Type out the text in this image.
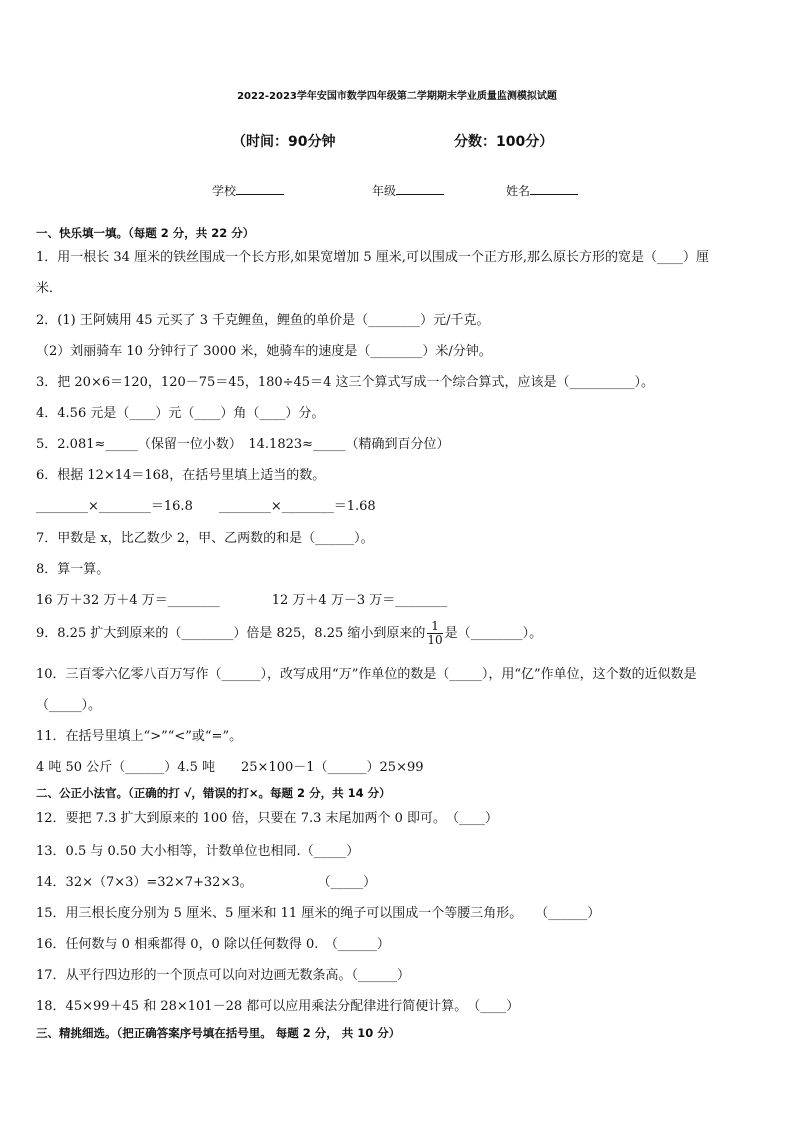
2022-2023学年安国市数学四年级第二学期期末学业质量监测模拟试题
（时间：90分钟	分数：100分）
学校	年级	姓名
一、快乐填一填。（每题 2 分，共 22 分）
1．用一根长 34 厘米的铁丝围成一个长方形,如果宽增加 5 厘米,可以围成一个正方形,那么原长方形的宽是（____）厘
米．
2．(1) 王阿姨用 45 元买了 3 千克鲤鱼，鲤鱼的单价是（________）元/千克。
（2）刘丽骑车 10 分钟行了 3000 米，她骑车的速度是（________）米/分钟。
3．把 20×6＝120，120－75＝45，180÷45＝4 这三个算式写成一个综合算式，应该是（__________）。
4．4.56 元是（____）元（____）角（____）分。
5．2.081≈_____（保留一位小数）　14.1823≈_____（精确到百分位）
6．根据 12×14＝168，在括号里填上适当的数。
________×________＝16.8　　________×________＝1.68
7．甲数是 x，比乙数少 2，甲、乙两数的和是（______）。
8．算一算。
16 万＋32 万＋4 万＝________　　　　12 万＋4 万－3 万＝________
9．8.25 扩大到原来的（________）倍是 825，8.25 缩小到原来的 $\frac{1}{10}$ 是（________）。
10．三百零六亿零八百万写作（______），改写成用“万”作单位的数是（_____），用“亿”作单位，这个数的近似数是
（_____）。
11．在括号里填上“>”“<”或“=”。
4 吨 50 公斤（______）4.5 吨　　25×100－1（______）25×99
二、公正小法官。（正确的打 √，错误的打×。每题 2 分，共 14 分）
12．要把 7.3 扩大到原来的 100 倍，只要在 7.3 末尾加两个 0 即可。　（____）
13．0.5 与 0.50 大小相等，计数单位也相同.（_____）
14．32×（7×3）=32×7+32×3。　　　　　　（_____）
15．用三根长度分别为 5 厘米、5 厘米和 11 厘米的绳子可以围成一个等腰三角形。　　（______）
16．任何数与 0 相乘都得 0，0 除以任何数得 0.　（______）
17．从平行四边形的一个顶点可以向对边画无数条高。（______）
18．45×99＋45 和 28×101－28 都可以应用乘法分配律进行简便计算。　（____）
三、精挑细选。（把正确答案序号填在括号里。 每题 2 分， 共 10 分）
